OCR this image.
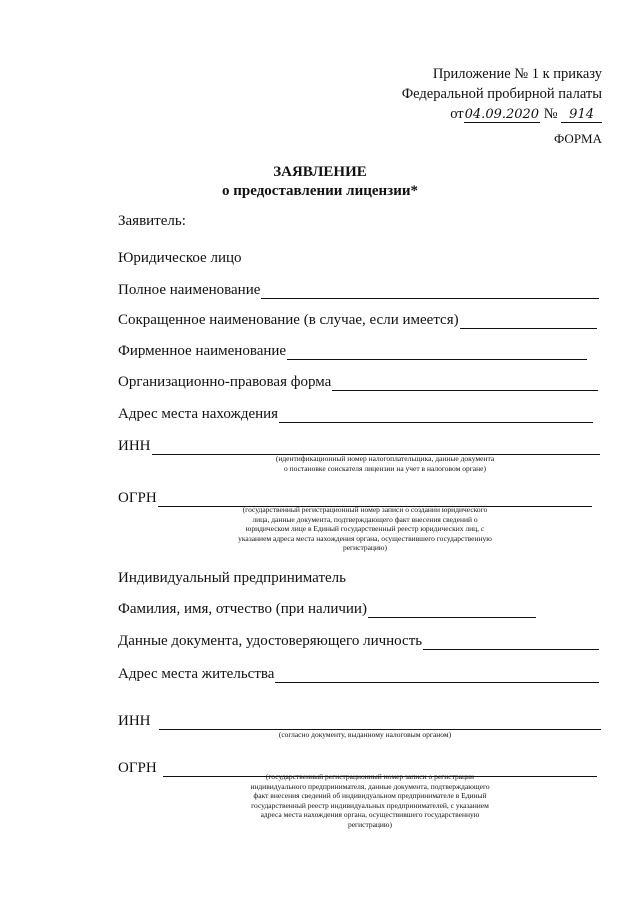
Приложение № 1 к приказу
Федеральной пробирной палаты
от04.09.2020 № 914
ФОРМА
ЗАЯВЛЕНИЕ
о предоставлении лицензии*
Заявитель:
Юридическое лицо
Полное наименование
Сокращенное наименование (в случае, если имеется)
Фирменное наименование
Организационно-правовая форма
Адрес места нахождения
ИНН
(идентификационный номер налогоплательщика, данные документа
о постановке соискателя лицензии на учет в налоговом органе)
ОГРН
(государственный регистрационный номер записи о создании юридического
лица, данные документа, подтверждающего факт внесения сведений о
юридическом лице в Единый государственный реестр юридических лиц, с
указанием адреса места нахождения органа, осуществившего государственную
регистрацию)
Индивидуальный предприниматель
Фамилия, имя, отчество (при наличии)
Данные документа, удостоверяющего личность
Адрес места жительства
ИНН
(согласно документу, выданному налоговым органом)
ОГРН
(государственный регистрационный номер записи о регистрации
индивидуального предпринимателя, данные документа, подтверждающего
факт внесения сведений об индивидуальном предпринимателе в Единый
государственный реестр индивидуальных предпринимателей, с указанием
адреса места нахождения органа, осуществившего государственную
регистрацию)
